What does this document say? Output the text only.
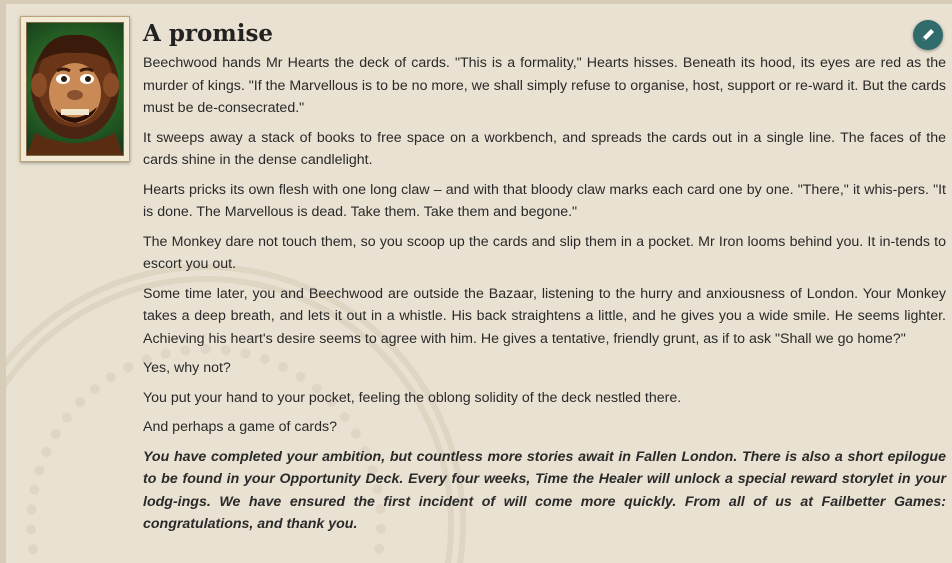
A promise

Beechwood hands Mr Hearts the deck of cards. "This is a formality," Hearts hisses. Beneath its hood, its eyes are red as the murder of kings. "If the Marvellous is to be no more, we shall simply refuse to organise, host, support or re-ward it. But the cards must be de-consecrated."

It sweeps away a stack of books to free space on a workbench, and spreads the cards out in a single line. The faces of the cards shine in the dense candlelight.

Hearts pricks its own flesh with one long claw – and with that bloody claw marks each card one by one. "There," it whis-pers. "It is done. The Marvellous is dead. Take them. Take them and begone."

The Monkey dare not touch them, so you scoop up the cards and slip them in a pocket. Mr Iron looms behind you. It in-tends to escort you out.

Some time later, you and Beechwood are outside the Bazaar, listening to the hurry and anxiousness of London. Your Monkey takes a deep breath, and lets it out in a whistle. His back straightens a little, and he gives you a wide smile. He seems lighter. Achieving his heart's desire seems to agree with him. He gives a tentative, friendly grunt, as if to ask "Shall we go home?"

Yes, why not?

You put your hand to your pocket, feeling the oblong solidity of the deck nestled there.

And perhaps a game of cards?

You have completed your ambition, but countless more stories await in Fallen London. There is also a short epilogue to be found in your Opportunity Deck. Every four weeks, Time the Healer will unlock a special reward storylet in your lodg-ings. We have ensured the first incident of will come more quickly. From all of us at Failbetter Games: congratulations, and thank you.
